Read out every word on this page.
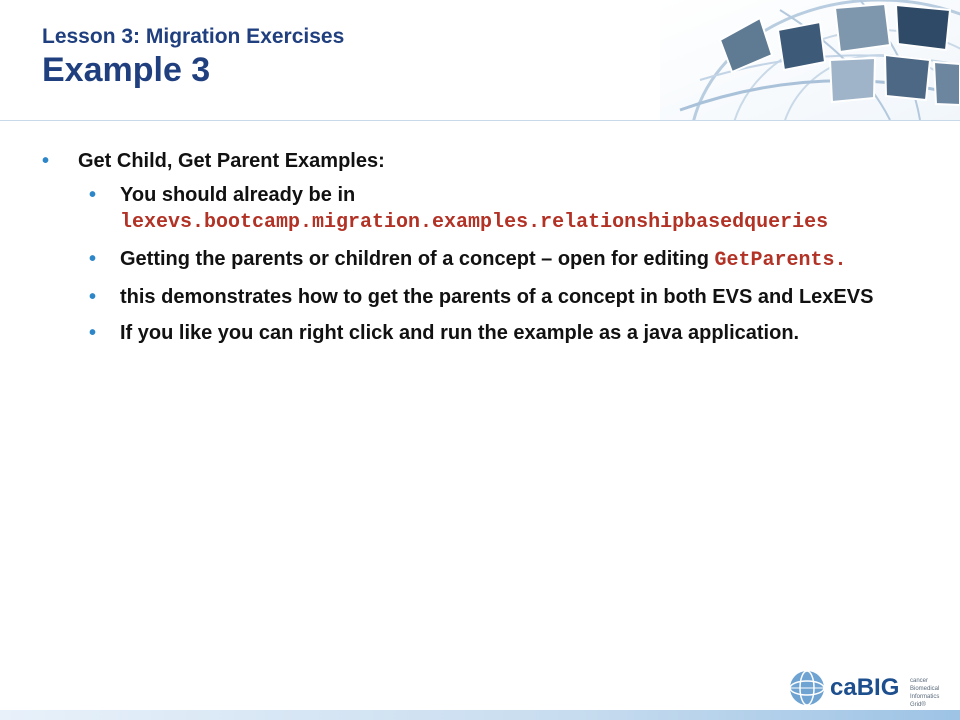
Lesson 3: Migration Exercises
Example 3
• Get Child, Get Parent Examples:
• You should already be in
lexevs.bootcamp.migration.examples.relationshipbasedqueries
• Getting the parents or children of a concept – open for editing GetParents.
• this demonstrates how to get the parents of a concept in both EVS and LexEVS
• If you like you can right click and run the example as a java application.
caBIG cancer Biomedical Informatics Grid®
